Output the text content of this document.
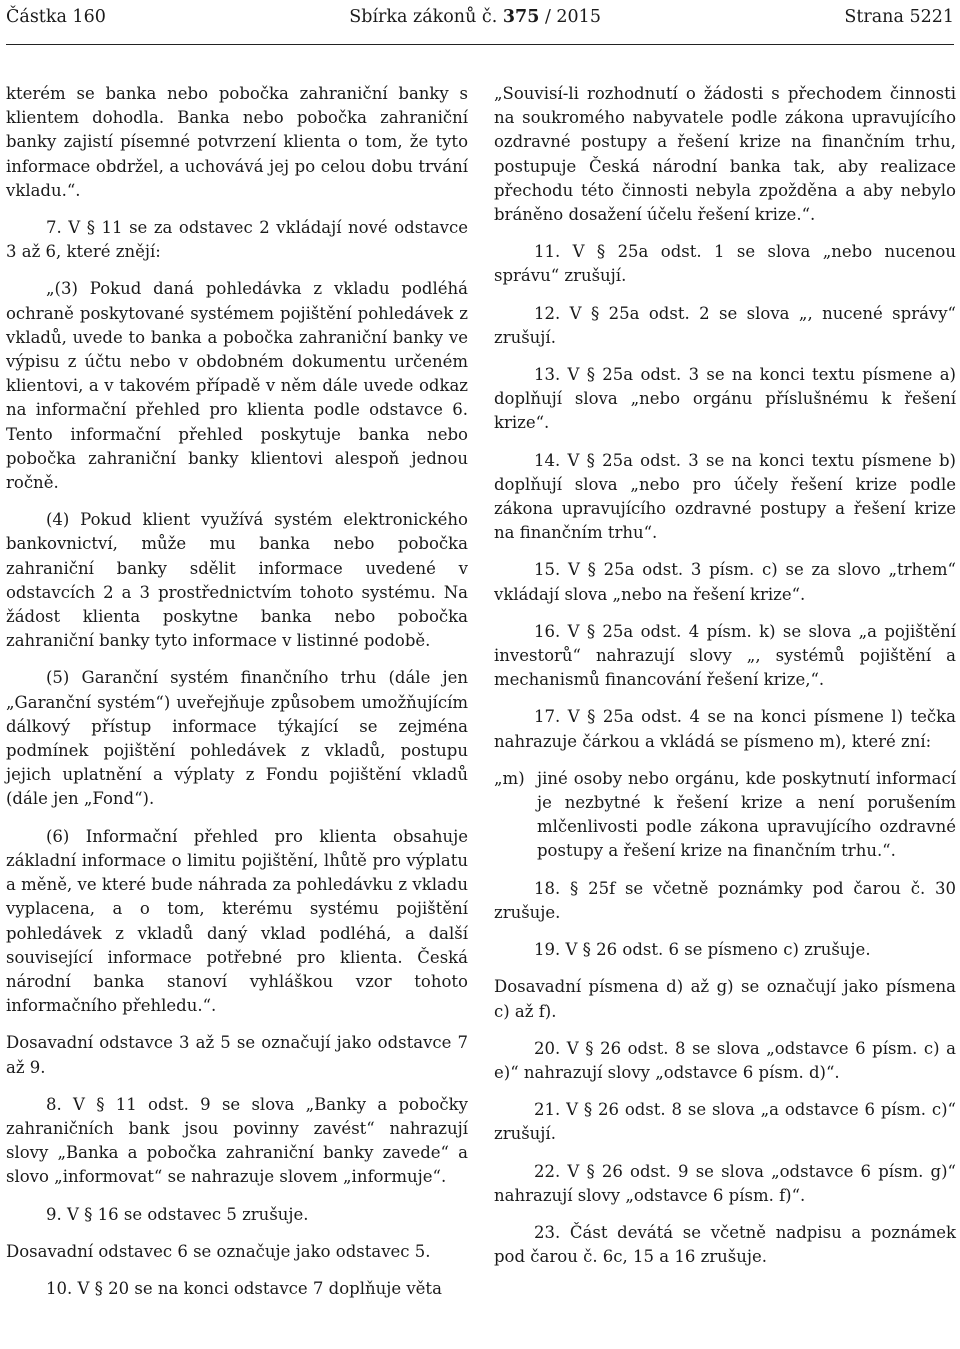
Částka 160	Sbírka zákonů č. 375 / 2015	Strana 5221

kterém se banka nebo pobočka zahraniční banky s klientem dohodla. Banka nebo pobočka zahraniční banky zajistí písemné potvrzení klienta o tom, že tyto informace obdržel, a uchovává jej po celou dobu trvání vkladu.“.

7. V § 11 se za odstavec 2 vkládají nové odstavce 3 až 6, které znějí:

„(3) Pokud daná pohledávka z vkladu podléhá ochraně poskytované systémem pojištění pohledávek z vkladů, uvede to banka a pobočka zahraniční banky ve výpisu z účtu nebo v obdobném dokumentu určeném klientovi, a v takovém případě v něm dále uvede odkaz na informační přehled pro klienta podle odstavce 6. Tento informační přehled poskytuje banka nebo pobočka zahraniční banky klientovi alespoň jednou ročně.

(4) Pokud klient využívá systém elektronického bankovnictví, může mu banka nebo pobočka zahraniční banky sdělit informace uvedené v odstavcích 2 a 3 prostřednictvím tohoto systému. Na žádost klienta poskytne banka nebo pobočka zahraniční banky tyto informace v listinné podobě.

(5) Garanční systém finančního trhu (dále jen „Garanční systém“) uveřejňuje způsobem umožňujícím dálkový přístup informace týkající se zejména podmínek pojištění pohledávek z vkladů, postupu jejich uplatnění a výplaty z Fondu pojištění vkladů (dále jen „Fond“).

(6) Informační přehled pro klienta obsahuje základní informace o limitu pojištění, lhůtě pro výplatu a měně, ve které bude náhrada za pohledávku z vkladu vyplacena, a o tom, kterému systému pojištění pohledávek z vkladů daný vklad podléhá, a další související informace potřebné pro klienta. Česká národní banka stanoví vyhláškou vzor tohoto informačního přehledu.“.

Dosavadní odstavce 3 až 5 se označují jako odstavce 7 až 9.

8. V § 11 odst. 9 se slova „Banky a pobočky zahraničních bank jsou povinny zavést“ nahrazují slovy „Banka a pobočka zahraniční banky zavede“ a slovo „informovat“ se nahrazuje slovem „informuje“.

9. V § 16 se odstavec 5 zrušuje.

Dosavadní odstavec 6 se označuje jako odstavec 5.

10. V § 20 se na konci odstavce 7 doplňuje věta

„Souvisí-li rozhodnutí o žádosti s přechodem činnosti na soukromého nabyvatele podle zákona upravujícího ozdravné postupy a řešení krize na finančním trhu, postupuje Česká národní banka tak, aby realizace přechodu této činnosti nebyla zpožděna a aby nebylo bráněno dosažení účelu řešení krize.“.

11. V § 25a odst. 1 se slova „nebo nucenou správu“ zrušují.

12. V § 25a odst. 2 se slova „, nucené správy“ zrušují.

13. V § 25a odst. 3 se na konci textu písmene a) doplňují slova „nebo orgánu příslušnému k řešení krize“.

14. V § 25a odst. 3 se na konci textu písmene b) doplňují slova „nebo pro účely řešení krize podle zákona upravujícího ozdravné postupy a řešení krize na finančním trhu“.

15. V § 25a odst. 3 písm. c) se za slovo „trhem“ vkládají slova „nebo na řešení krize“.

16. V § 25a odst. 4 písm. k) se slova „a pojištění investorů“ nahrazují slovy „, systémů pojištění a mechanismů financování řešení krize,“.

17. V § 25a odst. 4 se na konci písmene l) tečka nahrazuje čárkou a vkládá se písmeno m), které zní:

„m) jiné osoby nebo orgánu, kde poskytnutí informací je nezbytné k řešení krize a není porušením mlčenlivosti podle zákona upravujícího ozdravné postupy a řešení krize na finančním trhu.“.

18. § 25f se včetně poznámky pod čarou č. 30 zrušuje.

19. V § 26 odst. 6 se písmeno c) zrušuje.

Dosavadní písmena d) až g) se označují jako písmena c) až f).

20. V § 26 odst. 8 se slova „odstavce 6 písm. c) a e)“ nahrazují slovy „odstavce 6 písm. d)“.

21. V § 26 odst. 8 se slova „a odstavce 6 písm. c)“ zrušují.

22. V § 26 odst. 9 se slova „odstavce 6 písm. g)“ nahrazují slovy „odstavce 6 písm. f)“.

23. Část devátá se včetně nadpisu a poznámek pod čarou č. 6c, 15 a 16 zrušuje.
